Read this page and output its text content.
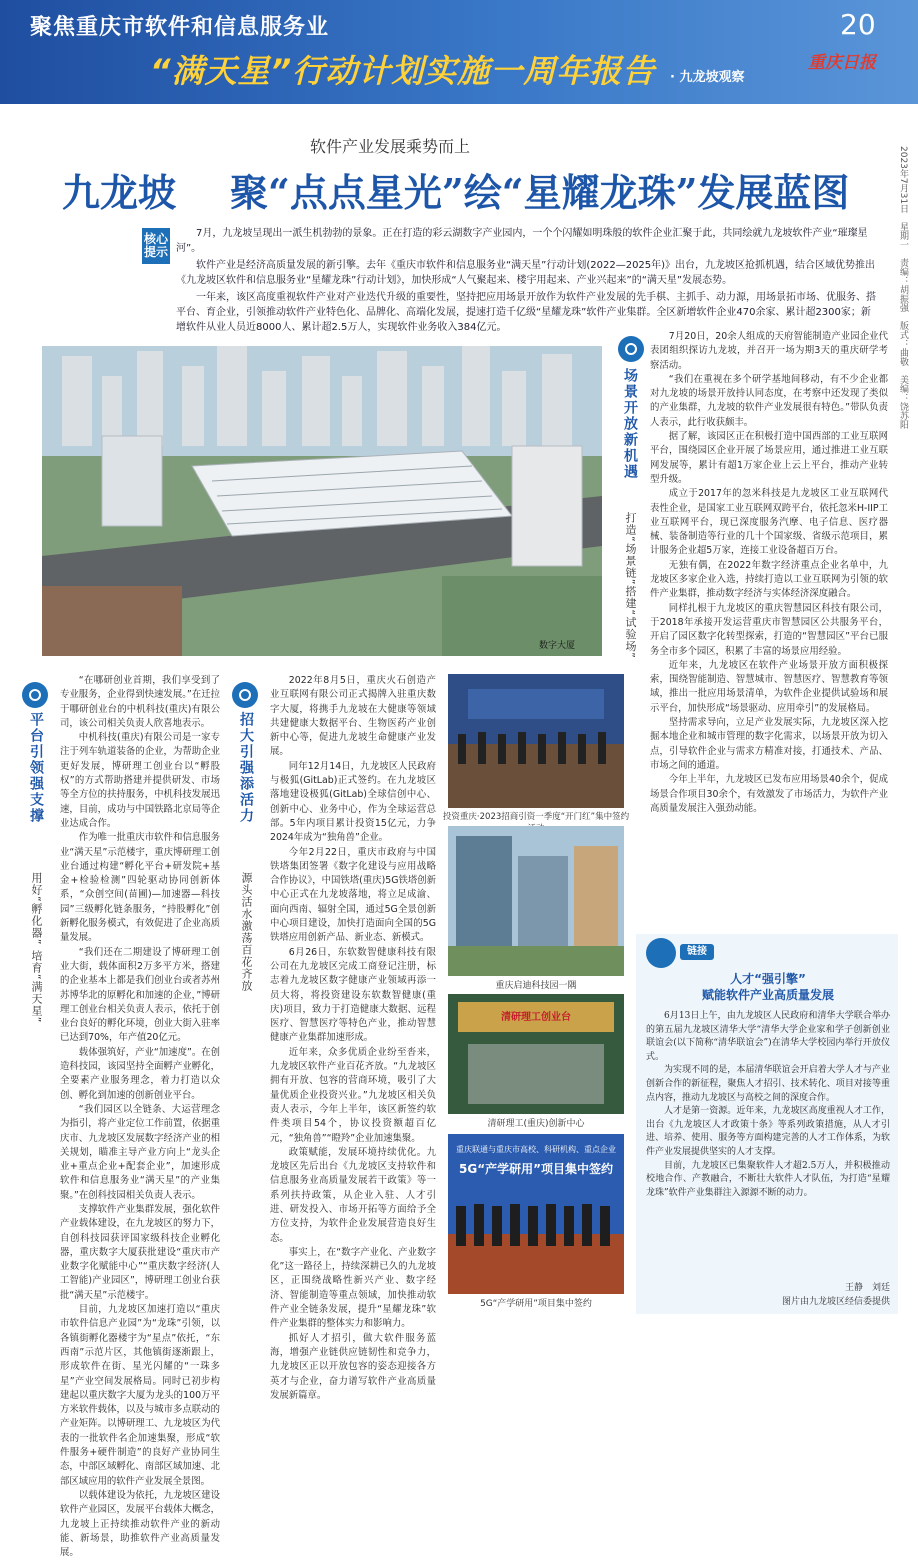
聚焦重庆市软件和信息服务业
“满天星”行动计划实施一周年报告 · 九龙坡观察
20
重庆日报
2023年7月31日　星期一　责编：胡振强　版式：曲敬　美编：饶苏阳
软件产业发展乘势而上
九龙坡 聚“点点星光”绘“星耀龙珠”发展蓝图
核心提示

7月，九龙坡呈现出一派生机勃勃的景象。正在打造的彩云湖数字产业园内，一个个闪耀如明珠般的软件企业汇聚于此，共同绘就九龙坡软件产业“璀璨星河”。

软件产业是经济高质量发展的新引擎。去年《重庆市软件和信息服务业“满天星”行动计划(2022—2025年)》出台，九龙坡区抢抓机遇，结合区域优势推出《九龙坡区软件和信息服务业“星耀龙珠”行动计划》，加快形成“人气聚起来、楼宇用起来、产业兴起来”的“满天星”发展态势。

一年来，该区高度重视软件产业对产业迭代升级的重要性，坚持把应用场景开放作为软件产业发展的先手棋、主抓手、动力源，用场景拓市场、优服务、搭平台、育企业，引领推动软件产业特色化、品牌化、高端化发展，提速打造千亿级“星耀龙珠”软件产业集群。全区新增软件企业470余家、累计超2300家；新增软件从业人员近8000人、累计超2.5万人，实现软件业务收入384亿元。

数字大厦
平台引领强支撑
用好“孵化器” 培育“满天星”

“在哪研创业首期，我们享受到了专业服务，企业得到快速发展。”在迁拉于哪研创业台的中机科技(重庆)有限公司，该公司相关负责人欣喜地表示。

中机科技(重庆)有限公司是一家专注于列车轨道装备的企业，为帮助企业更好发展，博研理工创业台以“孵股权”的方式帮助搭建并提供研发、市场等全方位的扶持服务，中机科技发展迅速，目前，成功与中国铁路北京局等企业达成合作。

作为唯一批重庆市软件和信息服务业“满天星”示范楼宇，重庆博研理工创业台通过构建“孵化平台+研发院+基金+检验检测”四轮驱动协同创新体系，“众创空间(苗圃)—加速器—科技园”三级孵化链条服务，“持股孵化”创新孵化服务模式，有效促进了企业高质量发展。

“我们还在二期建设了博研理工创业大街，载体面积2万多平方米，搭建的企业基本上都是我们创业台或者苏州苏博华北的原孵化和加速的企业，”博研理工创业台相关负责人表示，依托于创业台良好的孵化环境，创业大街入驻率已达到70%，年产值20亿元。

载体强筑好，产业“加速度”。在创造科技园，该园坚持全面孵产业孵化，全要素产业服务理念，着力打造以众创、孵化到加速的创新创业平台。

“我们园区以全链条、大运营理念为指引，将产业定位工作前置，依据重庆市、九龙坡区发展数字经济产业的相关规划，瞄准主导产业方向上“龙头企业+重点企业+配套企业”，加速形成软件和信息服务业“满天星”的产业集聚。”在创科技园相关负责人表示。

支撑软件产业集群发展，强化软件产业载体建设，在九龙坡区的努力下，自创科技园获评国家级科技企业孵化器，重庆数字大厦获批建设“重庆市产业数字化赋能中心”“重庆数字经济(人工智能)产业园区”，博研理工创业台获批“满天星”示范楼宇。

目前，九龙坡区加速打造以“重庆市软件信息产业园”为“龙珠”引领，以各镇街孵化器楼宇为“星点”依托，“东西南”示范片区，其他镇街逐渐跟上，形成软件在街、星光闪耀的“一珠多星”产业空间发展格局。同时已初步构建起以重庆数字大厦为龙头的100万平方米软件载体，以及与城市多点联动的产业矩阵。以博研理工、九龙坡区为代表的一批软件名企加速集聚，形成“软件服务+硬件制造”的良好产业协同生态，中部区域孵化、南部区域加速、北部区域应用的软件产业发展全景图。

以载体建设为依托，九龙坡区建设软件产业园区，发展平台载体大概念，九龙坡上正持续推动软件产业的新动能、新场景，助推软件产业高质量发展。

招大引强添活力
源头活水激荡百花齐放

2022年8月5日，重庆火石创造产业互联网有限公司正式揭牌入驻重庆数字大厦，将携手九龙坡在大健康等领域共建健康大数据平台、生物医药产业创新中心等，促进九龙坡生命健康产业发展。

同年12月14日，九龙坡区人民政府与极狐(GitLab)正式签约。在九龙坡区落地建设极狐(GitLab)全球信创中心、创新中心、业务中心，作为全球运营总部。5年内项目累计投资15亿元，力争2024年成为“独角兽”企业。

今年2月22日，重庆市政府与中国铁塔集团签署《数字化建设与应用战略合作协议》，中国铁塔(重庆)5G铁塔创新中心正式在九龙坡落地，将立足成渝、面向西南、辐射全国，通过5G全景创新中心项目建设，加快打造面向全国的5G铁塔应用创新产品、新业态、新模式。

6月26日，东软数智健康科技有限公司在九龙坡区完成工商登记注册，标志着九龙坡区数字健康产业领域再添一员大将，将投资建设东软数智健康(重庆)项目，致力于打造健康大数据、远程医疗、智慧医疗等特色产业，推动智慧健康产业集群加速形成。

近年来，众多优质企业纷至沓来，九龙坡区软件产业百花齐放。“九龙坡区拥有开放、包容的营商环境，吸引了大量优质企业投资兴业。”九龙坡区相关负责人表示，今年上半年，该区新签约软件类项目54个，协议投资额超百亿元，“独角兽”“瞪羚”企业加速集聚。

政策赋能，发展环境持续优化。九龙坡区先后出台《九龙坡区支持软件和信息服务业高质量发展若干政策》等一系列扶持政策，从企业入驻、人才引进、研发投入、市场开拓等方面给予全方位支持，为软件企业发展营造良好生态。

事实上，在“数字产业化、产业数字化”这一路径上，持续深耕已久的九龙坡区，正围绕战略性新兴产业、数字经济、智能制造等重点领域，加快推动软件产业全链条发展，提升“星耀龙珠”软件产业集群的整体实力和影响力。

抓好人才招引，做大软件服务蓝海，增强产业链供应链韧性和竞争力，九龙坡区正以开放包容的姿态迎接各方英才与企业，奋力谱写软件产业高质量发展新篇章。

投资重庆·2023招商引资一季度“开门红”集中签约
重庆启迪科技园一隅
清研理工创业台
清研理工(重庆)创新中心
重庆联通与重庆市高校、科研机构、重点企业
5G“产学研用”项目集中签约
5G“产学研用”项目集中签约
场景开放新机遇
打造“场景链”搭建“试验场”

7月20日，20余人组成的天府智能制造产业园企业代表团组织探访九龙坡，并召开一场为期3天的重庆研学考察活动。

“我们在重视在多个研学基地间移动，有不少企业都对九龙坡的场景开放持认同态度，在考察中还发现了类似的产业集群，九龙坡的软件产业发展很有特色。”带队负责人表示，此行收获颇丰。

据了解，该园区正在积极打造中国西部的工业互联网平台，围绕园区企业开展了场景应用，通过推进工业互联网发展等，累计有超1万家企业上云上平台，推动产业转型升级。

成立于2017年的忽米科技是九龙坡区工业互联网代表性企业，是国家工业互联网双跨平台，依托忽米H-IIP工业互联网平台，现已深度服务汽摩、电子信息、医疗器械、装备制造等行业的几十个国家级、省级示范项目，累计服务企业超5万家，连接工业设备超百万台。

无独有偶，在2022年数字经济重点企业名单中，九龙坡区多家企业入选，持续打造以工业互联网为引领的软件产业集群，推动数字经济与实体经济深度融合。

同样扎根于九龙坡区的重庆智慧园区科技有限公司，于2018年承接开发运营重庆市智慧园区公共服务平台，开启了园区数字化转型探索，打造的“智慧园区”平台已服务全市多个园区，积累了丰富的场景应用经验。

近年来，九龙坡区在软件产业场景开放方面积极探索，围绕智能制造、智慧城市、智慧医疗、智慧教育等领域，推出一批应用场景清单，为软件企业提供试验场和展示平台，加快形成“场景驱动、应用牵引”的发展格局。

坚持需求导向，立足产业发展实际，九龙坡区深入挖掘本地企业和城市管理的数字化需求，以场景开放为切入点，引导软件企业与需求方精准对接，打通技术、产品、市场之间的通道。

今年上半年，九龙坡区已发布应用场景40余个，促成场景合作项目30余个，有效激发了市场活力，为软件产业高质量发展注入强劲动能。

链接
人才“强引擎”
赋能软件产业高质量发展

6月13日上午，由九龙坡区人民政府和清华大学联合举办的第五届九龙坡区清华大学“清华大学企业家和学子创新创业联谊会(以下简称“清华联谊会”)在清华大学校园内举行开放仪式。

为实现不同的是，本届清华联谊会开启着大学人才与产业创新合作的新征程，聚焦人才招引、技术转化、项目对接等重点内容，推动九龙坡区与高校之间的深度合作。

人才是第一资源。近年来，九龙坡区高度重视人才工作，出台《九龙坡区人才政策十条》等系列政策措施，从人才引进、培养、使用、服务等方面构建完善的人才工作体系，为软件产业发展提供坚实的人才支撑。

目前，九龙坡区已集聚软件人才超2.5万人，并积极推动校地合作、产教融合，不断壮大软件人才队伍，为打造“星耀龙珠”软件产业集群注入源源不断的动力。

王静　刘廷
图片由九龙坡区经信委提供
